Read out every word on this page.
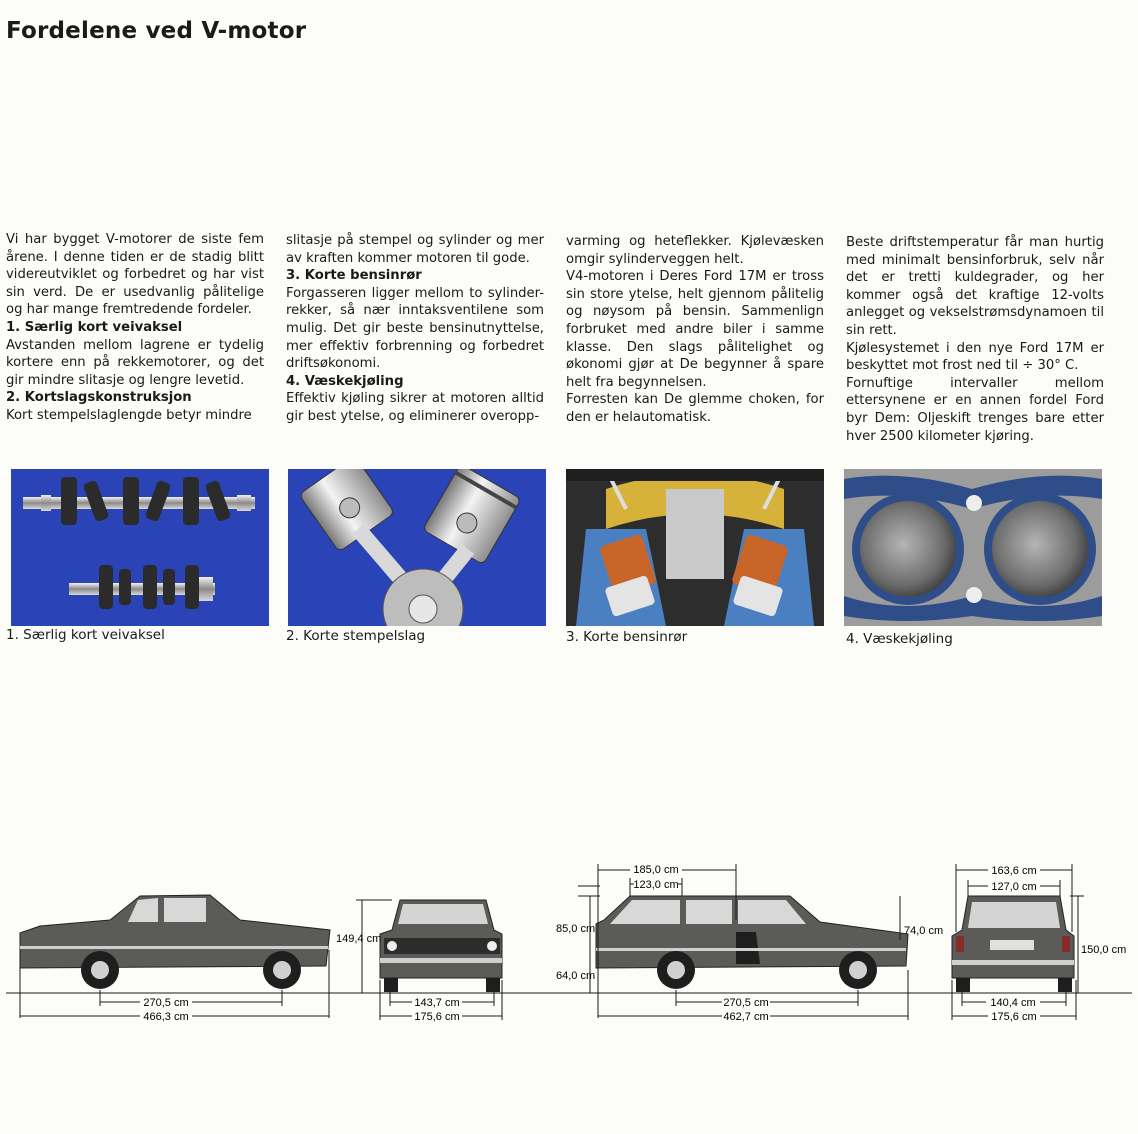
Fordelene ved V-motor

Vi har bygget V-motorer de siste fem årene. I denne tiden er de stadig blitt videreutviklet og forbedret og har vist sin verd. De er usedvanlig pålitelige og har mange fremtredende fordeler.

1. Særlig kort veivaksel

Avstanden mellom lagrene er tydelig kortere enn på rekkemotorer, og det gir mindre slitasje og lengre levetid.

2. Kortslagskonstruksjon

Kort stempelslaglengde betyr mindre

slitasje på stempel og sylinder og mer av kraften kommer motoren til gode.

3. Korte bensinrør

Forgasseren ligger mellom to sylinder-rekker, så nær inntaksventilene som mulig. Det gir beste bensinutnyttelse, mer effektiv forbrenning og forbedret driftsøkonomi.

4. Væskekjøling

Effektiv kjøling sikrer at motoren alltid gir best ytelse, og eliminerer overopp-

varming og heteflekker. Kjølevæsken omgir sylinderveggen helt.

V4-motoren i Deres Ford 17M er tross sin store ytelse, helt gjennom pålitelig og nøysom på bensin. Sammenlign forbruket med andre biler i samme klasse. Den slags pålitelighet og økonomi gjør at De begynner å spare helt fra begynnelsen.

Forresten kan De glemme choken, for den er helautomatisk.

Beste driftstemperatur får man hurtig med minimalt bensinforbruk, selv når det er tretti kuldegrader, og her kommer også det kraftige 12-volts anlegget og vekselstrømsdynamoen til sin rett.

Kjølesystemet i den nye Ford 17M er beskyttet mot frost ned til ÷ 30° C.

Fornuftige intervaller mellom ettersynene er en annen fordel Ford byr Dem: Oljeskift trenges bare etter hver 2500 kilometer kjøring.

1. Særlig kort veivaksel	2. Korte stempelslag	3. Korte bensinrør	4. Væskekjøling
270,5 cm
466,3 cm
149,4 cm
143,7 cm
175,6 cm
185,0 cm
123,0 cm
85,0 cm
64,0 cm
74,0 cm
270,5 cm
462,7 cm
163,6 cm
127,0 cm
150,0 cm
140,4 cm
175,6 cm
